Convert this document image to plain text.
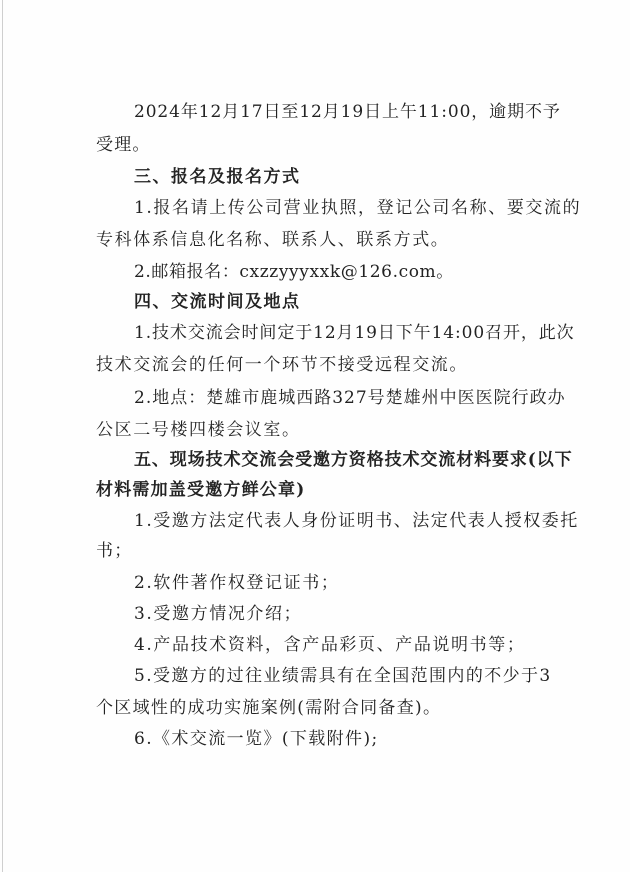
2024年12月17日至12月19日上午11:00，逾期不予
受理。
三、报名及报名方式
1.报名请上传公司营业执照，登记公司名称、要交流的
专科体系信息化名称、联系人、联系方式。
2.邮箱报名：cxzzyyyxxk@126.com。
四、交流时间及地点
1.技术交流会时间定于12月19日下午14:00召开，此次
技术交流会的任何一个环节不接受远程交流。
2.地点：楚雄市鹿城西路327号楚雄州中医医院行政办
公区二号楼四楼会议室。
五、现场技术交流会受邀方资格技术交流材料要求(以下
材料需加盖受邀方鲜公章)
1.受邀方法定代表人身份证明书、法定代表人授权委托
书；
2.软件著作权登记证书；
3.受邀方情况介绍；
4.产品技术资料，含产品彩页、产品说明书等；
5.受邀方的过往业绩需具有在全国范围内的不少于3
个区域性的成功实施案例(需附合同备查)。
6.《术交流一览》(下载附件);
